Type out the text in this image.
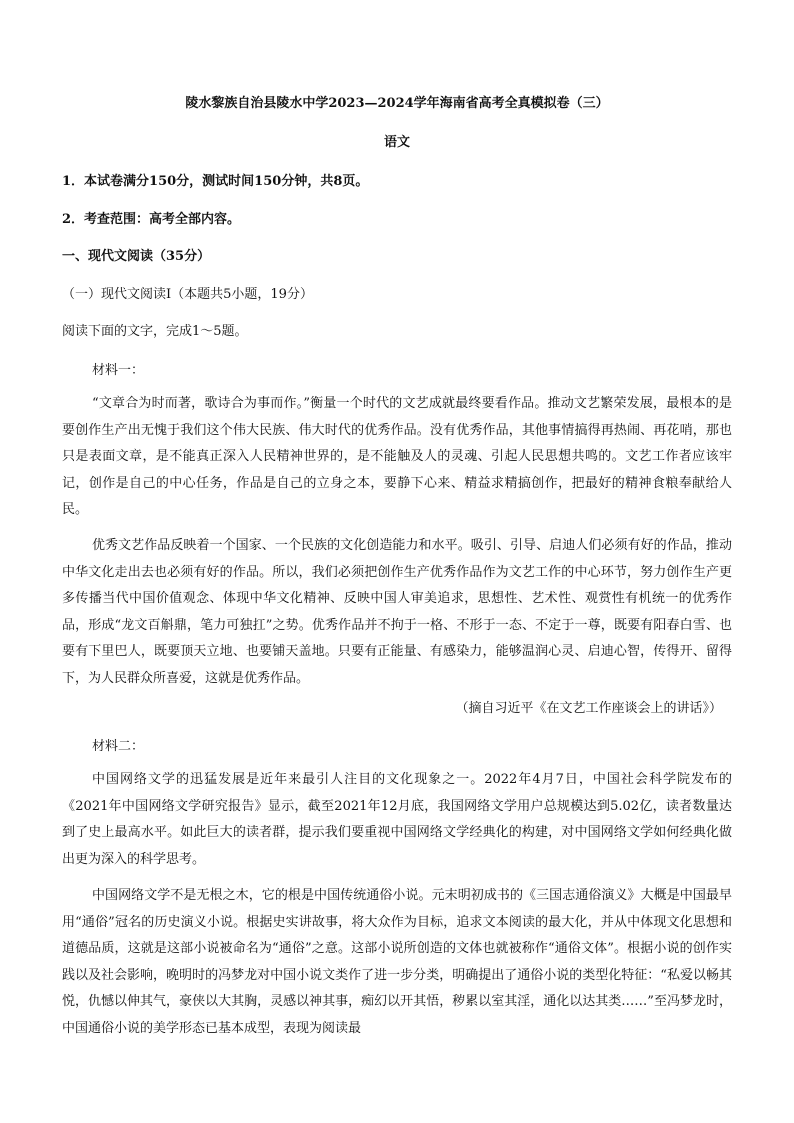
陵水黎族自治县陵水中学2023—2024学年海南省高考全真模拟卷（三）
语文
1．本试卷满分150分，测试时间150分钟，共8页。
2．考查范围：高考全部内容。
一、现代文阅读（35分）
（一）现代文阅读Ⅰ（本题共5小题，19分）
阅读下面的文字，完成1～5题。
材料一：

“文章合为时而著，歌诗合为事而作。”衡量一个时代的文艺成就最终要看作品。推动文艺繁荣发展，最根本的是要创作生产出无愧于我们这个伟大民族、伟大时代的优秀作品。没有优秀作品，其他事情搞得再热闹、再花哨，那也只是表面文章，是不能真正深入人民精神世界的，是不能触及人的灵魂、引起人民思想共鸣的。文艺工作者应该牢记，创作是自己的中心任务，作品是自己的立身之本，要静下心来、精益求精搞创作，把最好的精神食粮奉献给人民。

优秀文艺作品反映着一个国家、一个民族的文化创造能力和水平。吸引、引导、启迪人们必须有好的作品，推动中华文化走出去也必须有好的作品。所以，我们必须把创作生产优秀作品作为文艺工作的中心环节，努力创作生产更多传播当代中国价值观念、体现中华文化精神、反映中国人审美追求，思想性、艺术性、观赏性有机统一的优秀作品，形成“龙文百斛鼎，笔力可独扛”之势。优秀作品并不拘于一格、不形于一态、不定于一尊，既要有阳春白雪、也要有下里巴人，既要顶天立地、也要铺天盖地。只要有正能量、有感染力，能够温润心灵、启迪心智，传得开、留得下，为人民群众所喜爱，这就是优秀作品。

（摘自习近平《在文艺工作座谈会上的讲话》）
材料二：

中国网络文学的迅猛发展是近年来最引人注目的文化现象之一。2022年4月7日，中国社会科学院发布的《2021年中国网络文学研究报告》显示，截至2021年12月底，我国网络文学用户总规模达到5.02亿，读者数量达到了史上最高水平。如此巨大的读者群，提示我们要重视中国网络文学经典化的构建，对中国网络文学如何经典化做出更为深入的科学思考。

中国网络文学不是无根之木，它的根是中国传统通俗小说。元末明初成书的《三国志通俗演义》大概是中国最早用“通俗”冠名的历史演义小说。根据史实讲故事，将大众作为目标，追求文本阅读的最大化，并从中体现文化思想和道德品质，这就是这部小说被命名为“通俗”之意。这部小说所创造的文体也就被称作“通俗文体”。根据小说的创作实践以及社会影响，晚明时的冯梦龙对中国小说文类作了进一步分类，明确提出了通俗小说的类型化特征：“私爱以畅其悦，仇憾以伸其气，豪侠以大其胸，灵感以神其事，痴幻以开其悟，秽累以室其淫，通化以达其类……”至冯梦龙时，中国通俗小说的美学形态已基本成型，表现为阅读最
